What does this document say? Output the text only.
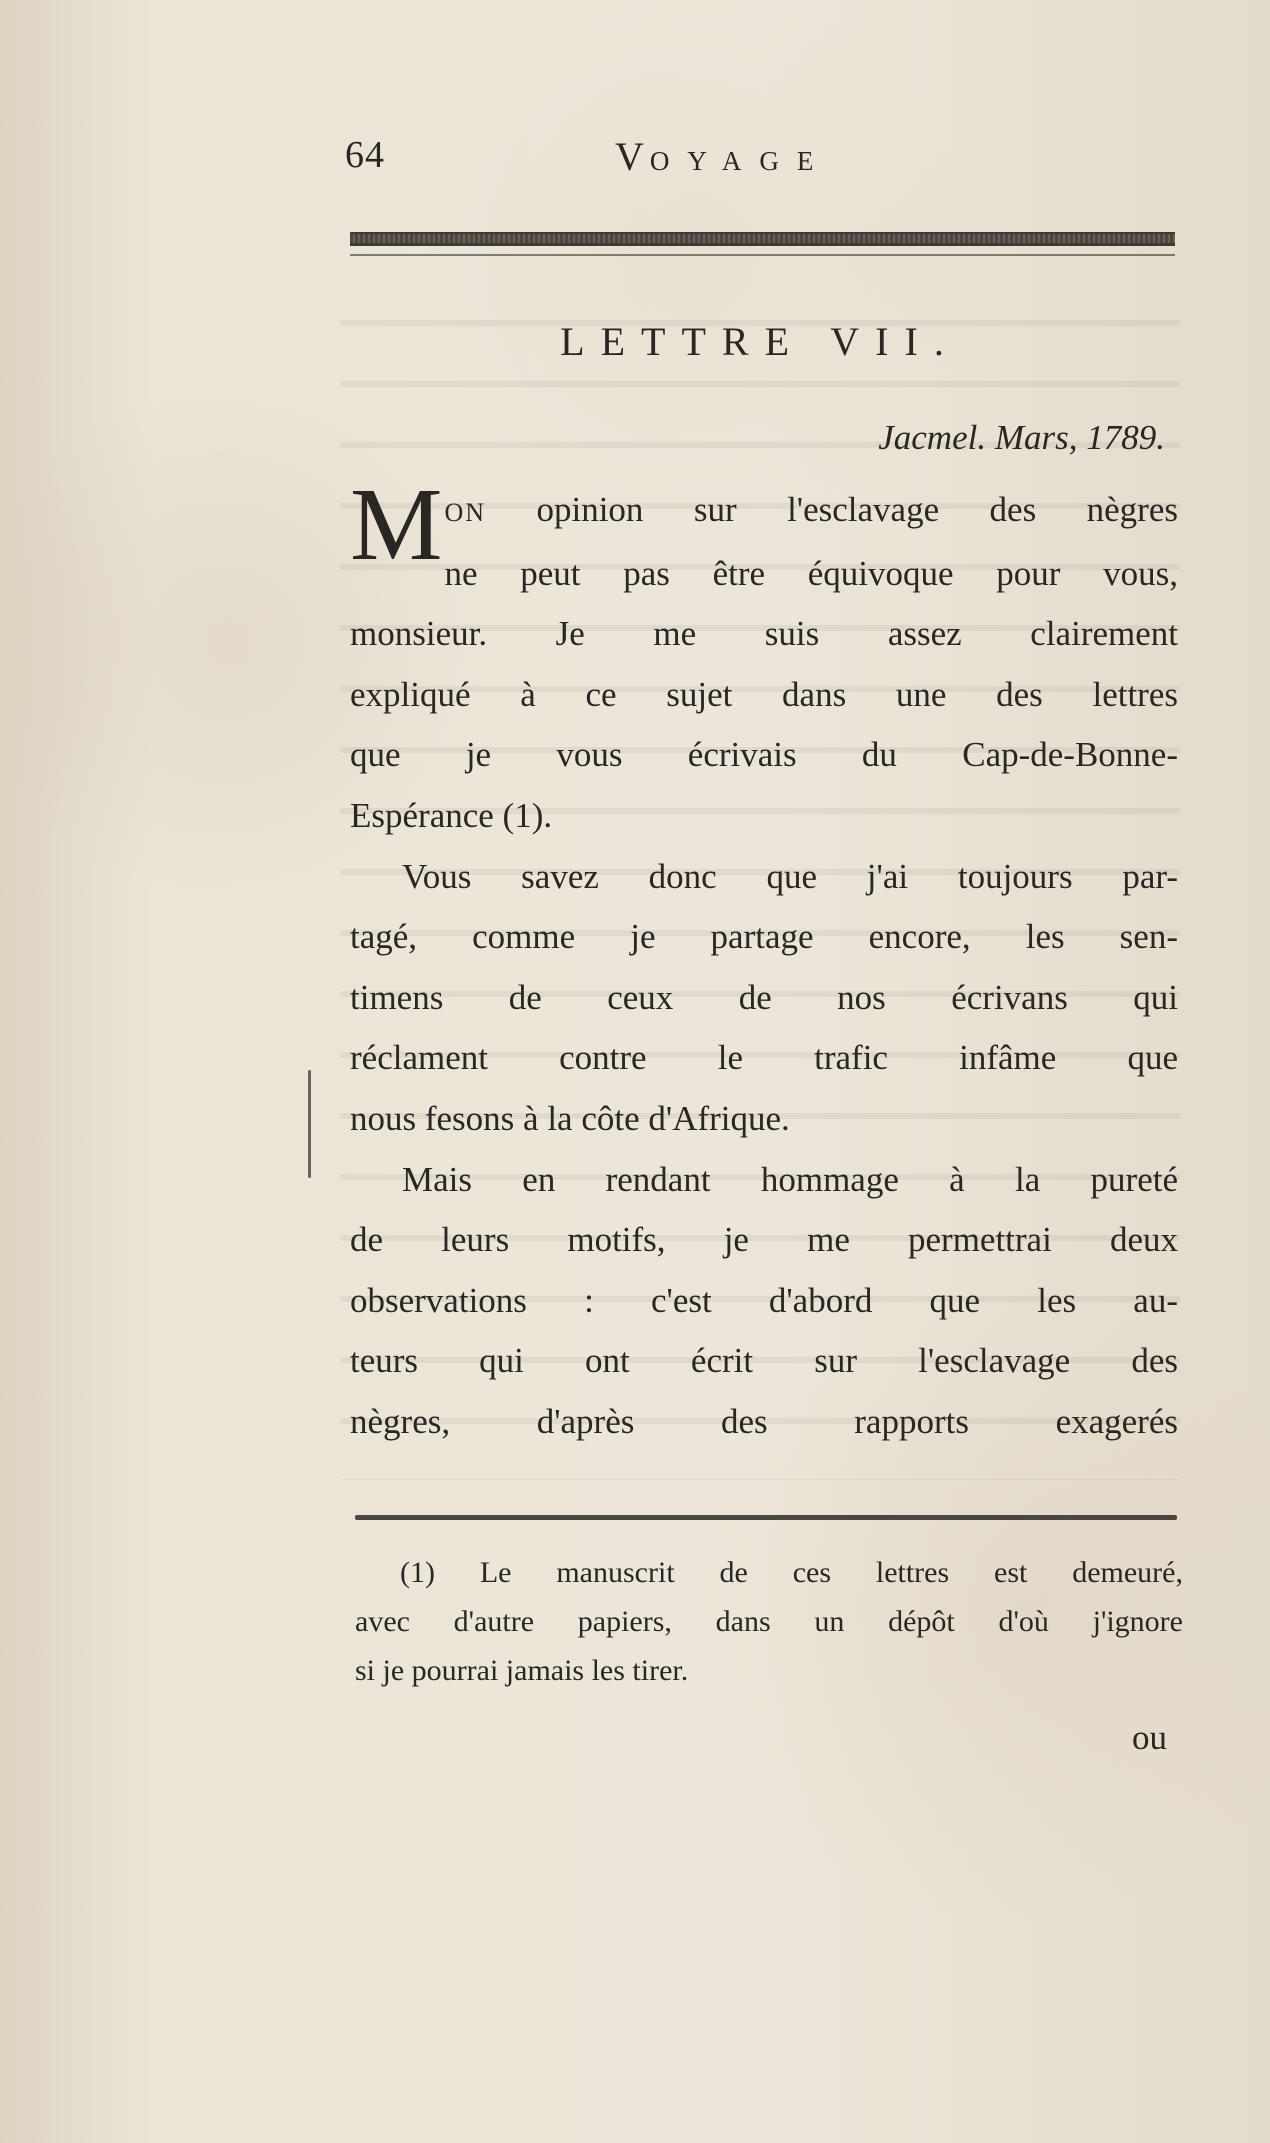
64	VOYAGE
LETTRE VII.
Jacmel. Mars, 1789.
M ON opinion sur l'esclavage des nègres
ne peut pas être équivoque pour vous,
monsieur. Je me suis assez clairement
expliqué à ce sujet dans une des lettres
que je vous écrivais du Cap-de-Bonne-
Espérance (1).
Vous savez donc que j'ai toujours par-
tagé, comme je partage encore, les sen-
timens de ceux de nos écrivans qui
réclament contre le trafic infâme que
nous fesons à la côte d'Afrique.
Mais en rendant hommage à la pureté
de leurs motifs, je me permettrai deux
observations : c'est d'abord que les au-
teurs qui ont écrit sur l'esclavage des
nègres, d'après des rapports exagerés
(1) Le manuscrit de ces lettres est demeuré,
avec d'autre papiers, dans un dépôt d'où j'ignore
si je pourrai jamais les tirer.
ou
